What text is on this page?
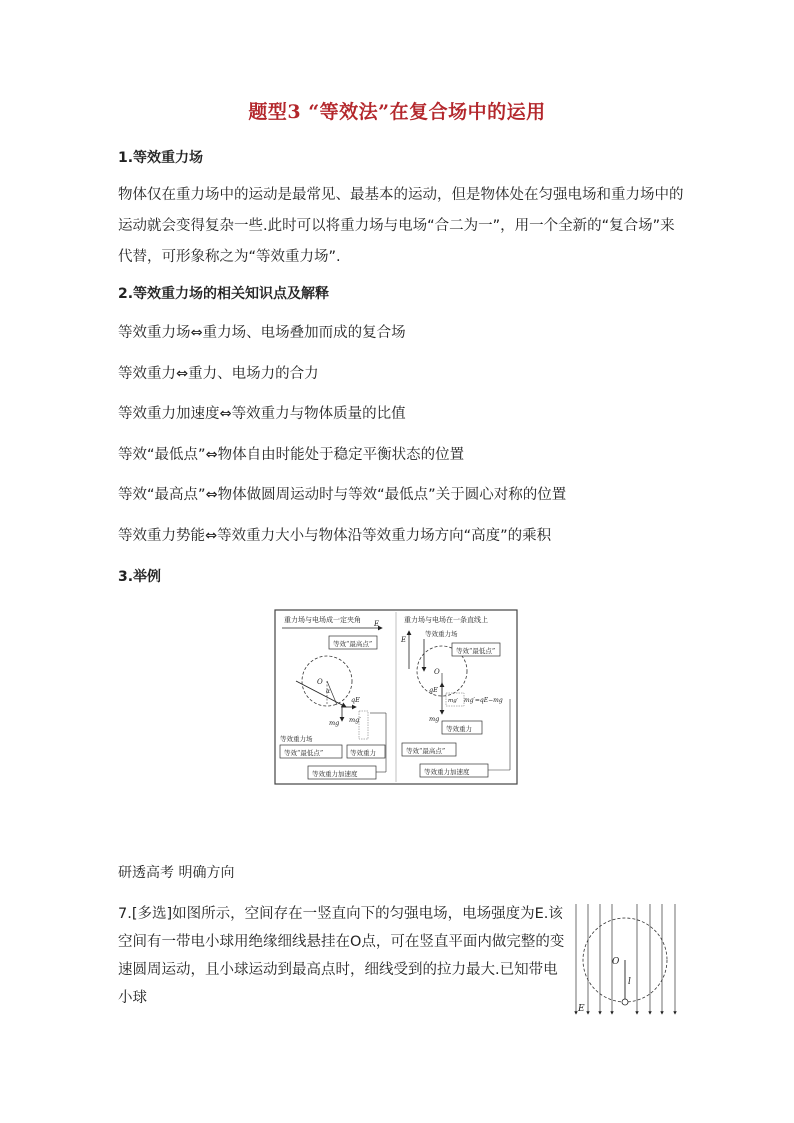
题型3 “等效法”在复合场中的运用
1.等效重力场
物体仅在重力场中的运动是最常见、最基本的运动，但是物体处在匀强电场和重力场中的运动就会变得复杂一些.此时可以将重力场与电场“合二为一”，用一个全新的“复合场”来代替，可形象称之为“等效重力场”.
2.等效重力场的相关知识点及解释
等效重力场⇔重力场、电场叠加而成的复合场
等效重力⇔重力、电场力的合力
等效重力加速度⇔等效重力与物体质量的比值
等效“最低点”⇔物体自由时能处于稳定平衡状态的位置
等效“最高点”⇔物体做圆周运动时与等效“最低点”关于圆心对称的位置
等效重力势能⇔等效重力大小与物体沿等效重力场方向“高度”的乘积
3.举例
重力场与电场成一定夹角 E
等效“最高点”
O
α
qE
mg mg′
等效重力场
等效“最低点”	等效重力
等效重力加速度
重力场与电场在一条直线上
E
等效重力场
等效“最低点”
O
qE
mg
mg′ mg′=qE−mg
等效重力
等效“最高点”
等效重力加速度
研透高考 明确方向
7.[多选]如图所示，空间存在一竖直向下的匀强电场，电场强度为E.该空间有一带电小球用绝缘细线悬挂在O点，可在竖直平面内做完整的变速圆周运动，且小球运动到最高点时，细线受到的拉力最大.已知带电小球
O
l
E
